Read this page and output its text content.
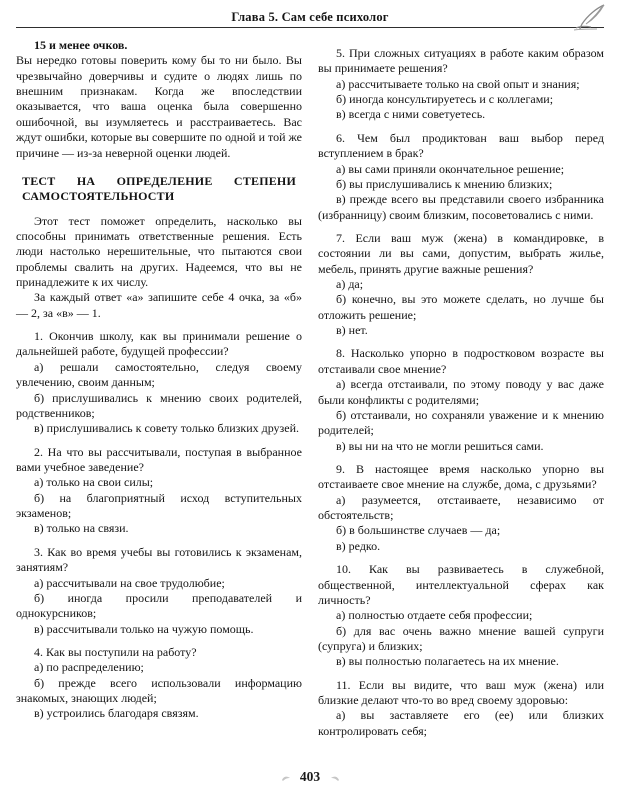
Глава 5. Сам себе психолог

15 и менее очков.

Вы нередко готовы поверить кому бы то ни было. Вы чрезвычайно доверчивы и судите о людях лишь по внешним признакам. Когда же впоследствии оказывается, что ваша оценка была совершенно ошибочной, вы изумляетесь и расстраиваетесь. Вас ждут ошибки, которые вы совершите по одной и той же причине — из-за неверной оценки людей.

ТЕСТ НА ОПРЕДЕЛЕНИЕ СТЕПЕНИ САМОСТОЯТЕЛЬНОСТИ

Этот тест поможет определить, насколько вы способны принимать ответственные решения. Есть люди настолько нерешительные, что пытаются свои проблемы свалить на других. Надеемся, что вы не принадлежите к их числу.

За каждый ответ «а» запишите себе 4 очка, за «б» — 2, за «в» — 1.

1. Окончив школу, как вы принимали решение о дальнейшей работе, будущей профессии?

а) решали самостоятельно, следуя своему увлечению, своим данным;

б) прислушивались к мнению своих родителей, родственников;

в) прислушивались к совету только близких друзей.

2. На что вы рассчитывали, поступая в выбранное вами учебное заведение?

а) только на свои силы;

б) на благоприятный исход вступительных экзаменов;

в) только на связи.

3. Как во время учебы вы готовились к экзаменам, занятиям?

а) рассчитывали на свое трудолюбие;

б) иногда просили преподавателей и однокурсников;

в) рассчитывали только на чужую помощь.

4. Как вы поступили на работу?

а) по распределению;

б) прежде всего использовали информацию знакомых, знающих людей;

в) устроились благодаря связям.

5. При сложных ситуациях в работе каким образом вы принимаете решения?

а) рассчитываете только на свой опыт и знания;

б) иногда консультируетесь и с коллегами;

в) всегда с ними советуетесь.

6. Чем был продиктован ваш выбор перед вступлением в брак?

а) вы сами приняли окончательное решение;

б) вы прислушивались к мнению близких;

в) прежде всего вы представили своего избранника (избранницу) своим близким, посоветовались с ними.

7. Если ваш муж (жена) в командировке, в состоянии ли вы сами, допустим, выбрать жилье, мебель, принять другие важные решения?

а) да;

б) конечно, вы это можете сделать, но лучше бы отложить решение;

в) нет.

8. Насколько упорно в подростковом возрасте вы отстаивали свое мнение?

а) всегда отстаивали, по этому поводу у вас даже были конфликты с родителями;

б) отстаивали, но сохраняли уважение и к мнению родителей;

в) вы ни на что не могли решиться сами.

9. В настоящее время насколько упорно вы отстаиваете свое мнение на службе, дома, с друзьями?

а) разумеется, отстаиваете, независимо от обстоятельств;

б) в большинстве случаев — да;

в) редко.

10. Как вы развиваетесь в служебной, общественной, интеллектуальной сферах как личность?

а) полностью отдаете себя профессии;

б) для вас очень важно мнение вашей супруги (супруга) и близких;

в) вы полностью полагаетесь на их мнение.

11. Если вы видите, что ваш муж (жена) или близкие делают что-то во вред своему здоровью:

а) вы заставляете его (ее) или близких контролировать себя;

403
